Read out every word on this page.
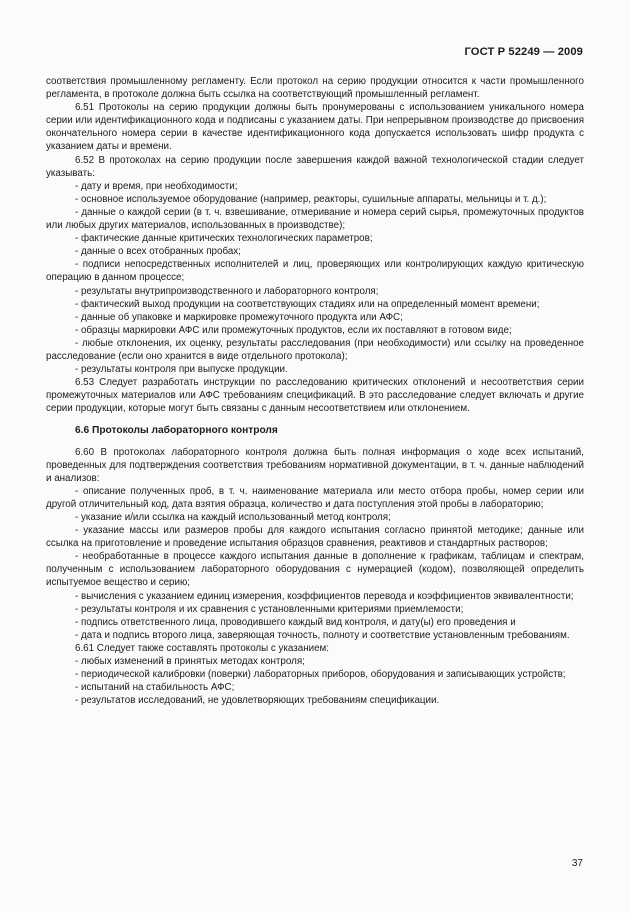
ГОСТ Р 52249 — 2009

соответствия промышленному регламенту. Если протокол на серию продукции относится к части промышленного регламента, в протоколе должна быть ссылка на соответствующий промышленный регламент.

6.51 Протоколы на серию продукции должны быть пронумерованы с использованием уникального номера серии или идентификационного кода и подписаны с указанием даты. При непрерывном производстве до присвоения окончательного номера серии в качестве идентификационного кода допускается использовать шифр продукта с указанием даты и времени.

6.52 В протоколах на серию продукции после завершения каждой важной технологической стадии следует указывать:

- дату и время, при необходимости;

- основное используемое оборудование (например, реакторы, сушильные аппараты, мельницы и т. д.);

- данные о каждой серии (в т. ч. взвешивание, отмеривание и номера серий сырья, промежуточных продуктов или любых других материалов, использованных в производстве);

- фактические данные критических технологических параметров;

- данные о всех отобранных пробах;

- подписи непосредственных исполнителей и лиц, проверяющих или контролирующих каждую критическую операцию в данном процессе;

- результаты внутрипроизводственного и лабораторного контроля;

- фактический выход продукции на соответствующих стадиях или на определенный момент времени;

- данные об упаковке и маркировке промежуточного продукта или АФС;

- образцы маркировки АФС или промежуточных продуктов, если их поставляют в готовом виде;

- любые отклонения, их оценку, результаты расследования (при необходимости) или ссылку на проведенное расследование (если оно хранится в виде отдельного протокола);

- результаты контроля при выпуске продукции.

6.53 Следует разработать инструкции по расследованию критических отклонений и несоответствия серии промежуточных материалов или АФС требованиям спецификаций. В это расследование следует включать и другие серии продукции, которые могут быть связаны с данным несоответствием или отклонением.

6.6 Протоколы лабораторного контроля

6.60 В протоколах лабораторного контроля должна быть полная информация о ходе всех испытаний, проведенных для подтверждения соответствия требованиям нормативной документации, в т. ч. данные наблюдений и анализов:

- описание полученных проб, в т. ч. наименование материала или место отбора пробы, номер серии или другой отличительный код, дата взятия образца, количество и дата поступления этой пробы в лабораторию;

- указание и/или ссылка на каждый использованный метод контроля;

- указание массы или размеров пробы для каждого испытания согласно принятой методике; данные или ссылка на приготовление и проведение испытания образцов сравнения, реактивов и стандартных растворов;

- необработанные в процессе каждого испытания данные в дополнение к графикам, таблицам и спектрам, полученным с использованием лабораторного оборудования с нумерацией (кодом), позволяющей определить испытуемое вещество и серию;

- вычисления с указанием единиц измерения, коэффициентов перевода и коэффициентов эквивалентности;

- результаты контроля и их сравнения с установленными критериями приемлемости;

- подпись ответственного лица, проводившего каждый вид контроля, и дату(ы) его проведения и

- дата и подпись второго лица, заверяющая точность, полноту и соответствие установленным требованиям.

6.61 Следует также составлять протоколы с указанием:

- любых изменений в принятых методах контроля;

- периодической калибровки (поверки) лабораторных приборов, оборудования и записывающих устройств;

- испытаний на стабильность АФС;

- результатов исследований, не удовлетворяющих требованиям спецификации.

37
